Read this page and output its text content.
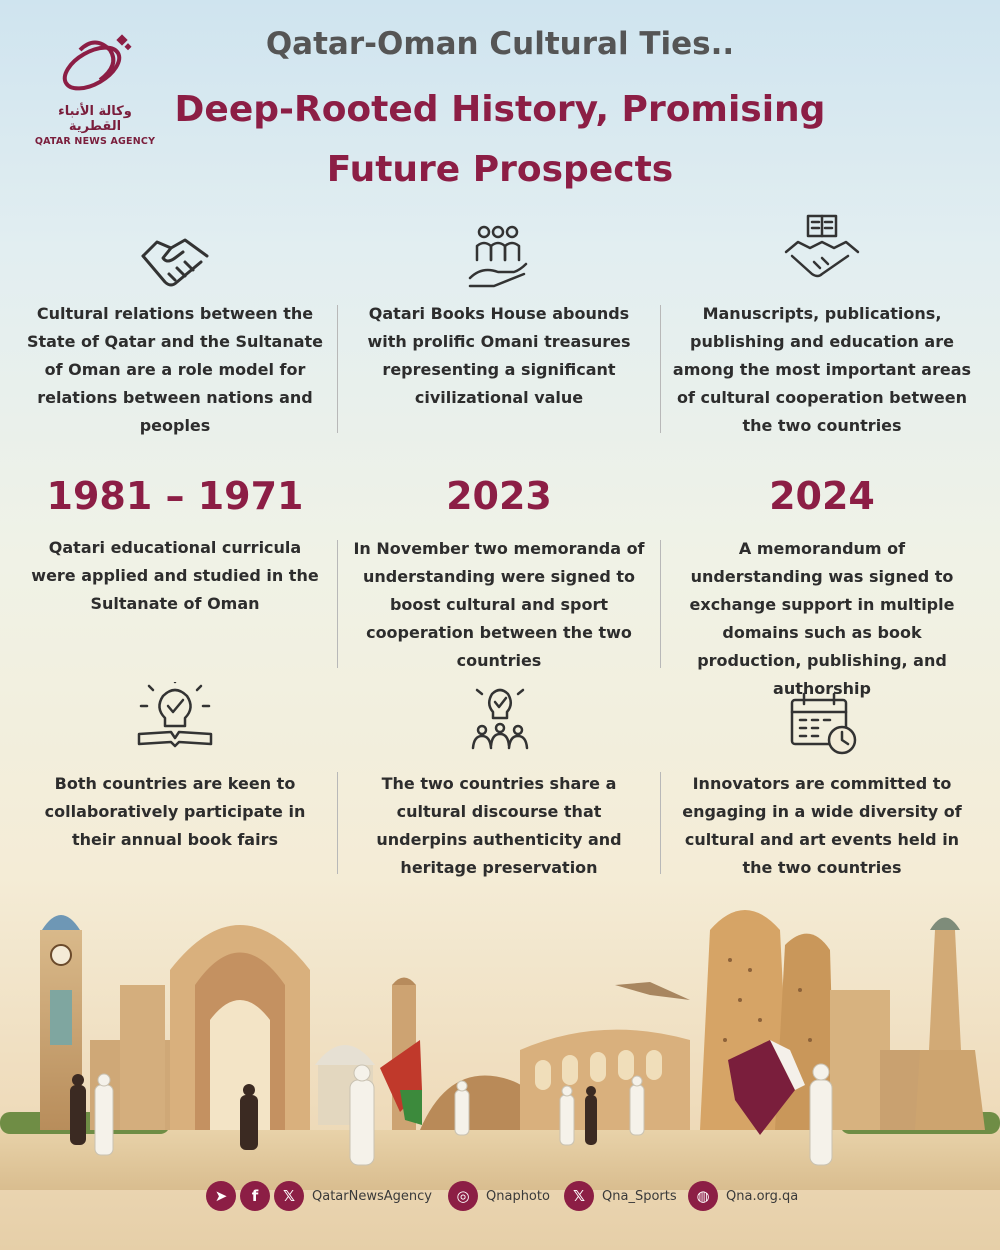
وكالة الأنباء القطرية
QATAR NEWS AGENCY
Qatar-Oman Cultural Ties..
Deep-Rooted History, Promising
Future Prospects
Cultural relations between the State of Qatar and the Sultanate of Oman are a role model for relations between nations and peoples
Qatari Books House abounds with prolific Omani treasures representing a significant civilizational value
Manuscripts, publications, publishing and education are among the most important areas of cultural cooperation between the two countries
1981 – 1971	2023	2024
Qatari educational curricula were applied and studied in the Sultanate of Oman
In November two memoranda of understanding were signed to boost cultural and sport cooperation between the two countries
A memorandum of understanding was signed to exchange support in multiple domains such as book production, publishing, and authorship
Both countries are keen to collaboratively participate in their annual book fairs
The two countries share a cultural discourse that underpins authenticity and heritage preservation
Innovators are committed to engaging in a wide diversity of cultural and art events held in the two countries
➤	f	𝕏	QatarNewsAgency	◎	Qnaphoto	𝕏	Qna_Sports	◍	Qna.org.qa
